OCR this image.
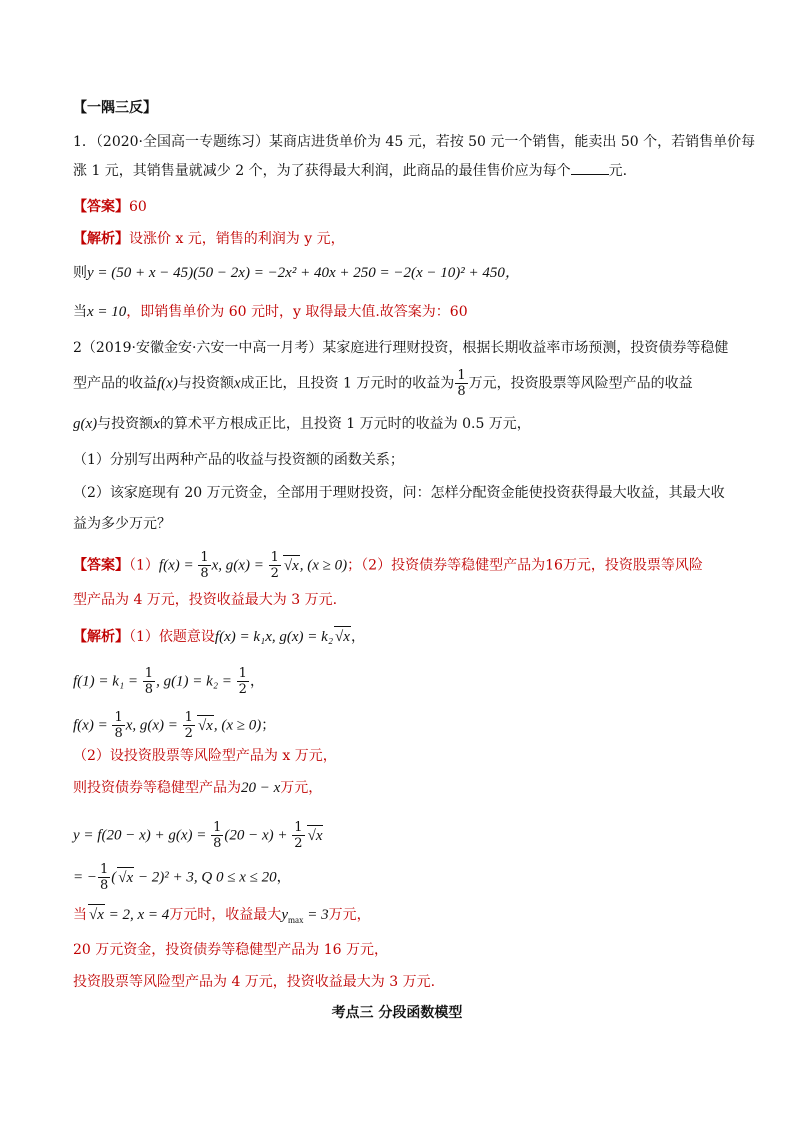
【一隅三反】
1．（2020·全国高一专题练习）某商店进货单价为 45 元，若按 50 元一个销售，能卖出 50 个，若销售单价每
涨 1 元，其销售量就减少 2 个，为了获得最大利润，此商品的最佳售价应为每个	元.
【答案】60
【解析】设涨价 x 元，销售的利润为 y 元，
则y = (50 + x − 45)(50 − 2x) = −2x² + 40x + 250 = −2(x − 10)² + 450，
当x = 10，即销售单价为 60 元时，y 取得最大值.故答案为：60
2（2019·安徽金安·六安一中高一月考）某家庭进行理财投资，根据长期收益率市场预测，投资债券等稳健
型产品的收益f(x)与投资额x成正比，且投资 1 万元时的收益为 $\frac{1}{8}$ 万元，投资股票等风险型产品的收益
g(x)与投资额x的算术平方根成正比，且投资 1 万元时的收益为 0.5 万元，
（1）分别写出两种产品的收益与投资额的函数关系；
（2）该家庭现有 20 万元资金，全部用于理财投资，问：怎样分配资金能使投资获得最大收益，其最大收
益为多少万元？
【答案】$(1)f(x) = \frac{1}{8} x$, $g(x) = \frac{1}{2} √x$, (x ≥ 0)；（2）投资债券等稳健型产品为16万元，投资股票等风险
型产品为 4 万元，投资收益最大为 3 万元.
【解析】（1）依题意设f(x) = k₁x, g(x) = k₂ √x，
$f(1) = k_1 = \frac{1}{8}$ , $g(1) = k_2 = \frac{1}{2}$ ，
$f(x) = \frac{1}{8} x$, $g(x) = \frac{1}{2} √x$, (x ≥ 0)；
（2）设投资股票等风险型产品为 x 万元，
则投资债券等稳健型产品为20 − x万元，
$y = f(20 - x) + g(x) = \frac{1}{8} (20 - x) + \frac{1}{2} √x$
= − $\frac{1}{8}$ ( √x − 2)² + 3, Q 0 ≤ x ≤ 20，
当 √x = 2, x = 4万元时，收益最大$y_{max} = 3$万元，
20 万元资金，投资债券等稳健型产品为 16 万元，
投资股票等风险型产品为 4 万元，投资收益最大为 3 万元.
考点三 分段函数模型
